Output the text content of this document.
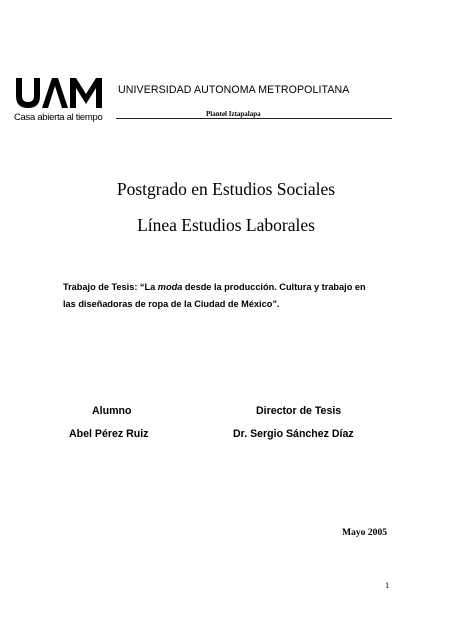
Casa abierta al tiempo
UNIVERSIDAD AUTONOMA METROPOLITANA
Plantel Iztapalapa
Postgrado en Estudios Sociales
Línea Estudios Laborales
Trabajo de Tesis: “La moda desde la producción. Cultura y trabajo en
las diseñadoras de ropa de la Ciudad de México”.
Alumno
Abel Pérez Ruiz
Director de Tesis
Dr. Sergio Sánchez Díaz
Mayo 2005
1
